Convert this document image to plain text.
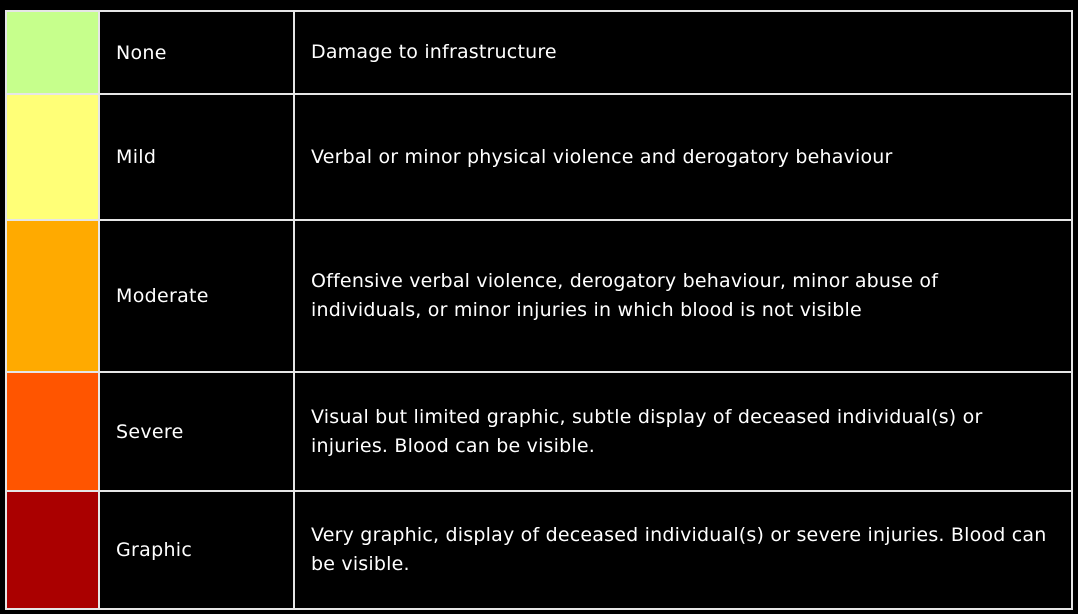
	None	Damage to infrastructure
	Mild	Verbal or minor physical violence and derogatory behaviour
	Moderate	Offensive verbal violence, derogatory behaviour, minor abuse of individuals, or minor injuries in which blood is not visible
	Severe	Visual but limited graphic, subtle display of deceased individual(s) or injuries. Blood can be visible.
	Graphic	Very graphic, display of deceased individual(s) or severe injuries. Blood can be visible.
